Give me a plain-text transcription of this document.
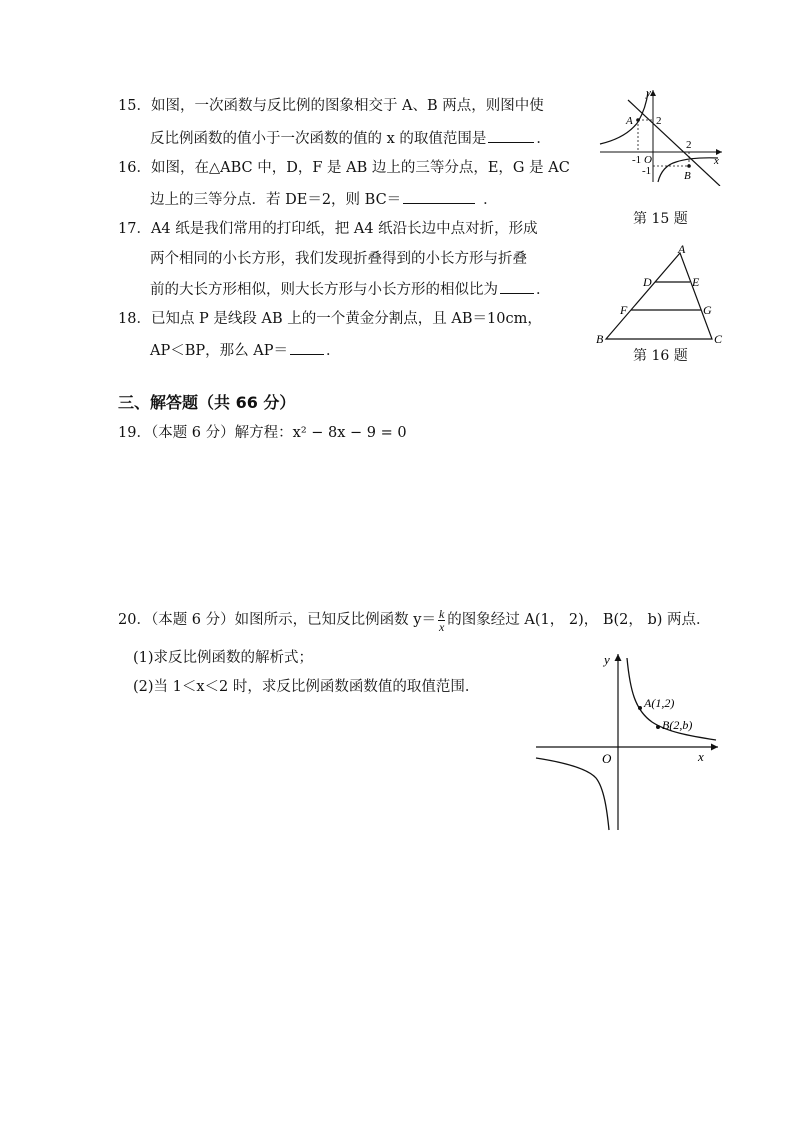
15．如图，一次函数与反比例的图象相交于 A、B 两点，则图中使
反比例函数的值小于一次函数的值的 x 的取值范围是	．
16．如图，在△ABC 中，D，F 是 AB 边上的三等分点，E，G 是 AC
边上的三等分点．若 DE＝2，则 BC＝	．
17．A4 纸是我们常用的打印纸，把 A4 纸沿长边中点对折，形成
两个相同的小长方形，我们发现折叠得到的小长方形与折叠
前的大长方形相似，则大长方形与小长方形的相似比为	．
18．已知点 P 是线段 AB 上的一个黄金分割点，且 AB＝10cm，
AP＜BP，那么 AP＝	．
y
x
A
B
2
2
-1 O
-1
第 15 题
A
D	E
F	G
B	C
第 16 题
三、解答题（共 66 分）
19．（本题 6 分）解方程：x² − 8x − 9 = 0
20．（本题 6 分）如图所示，已知反比例函数 $y= \frac{k}{x}$ 的图象经过 A(1， 2)， B(2， b) 两点．
(1)求反比例函数的解析式；
(2)当 1＜x＜2 时，求反比例函数函数值的取值范围．
y
x
O
A(1,2)
B(2,b)
